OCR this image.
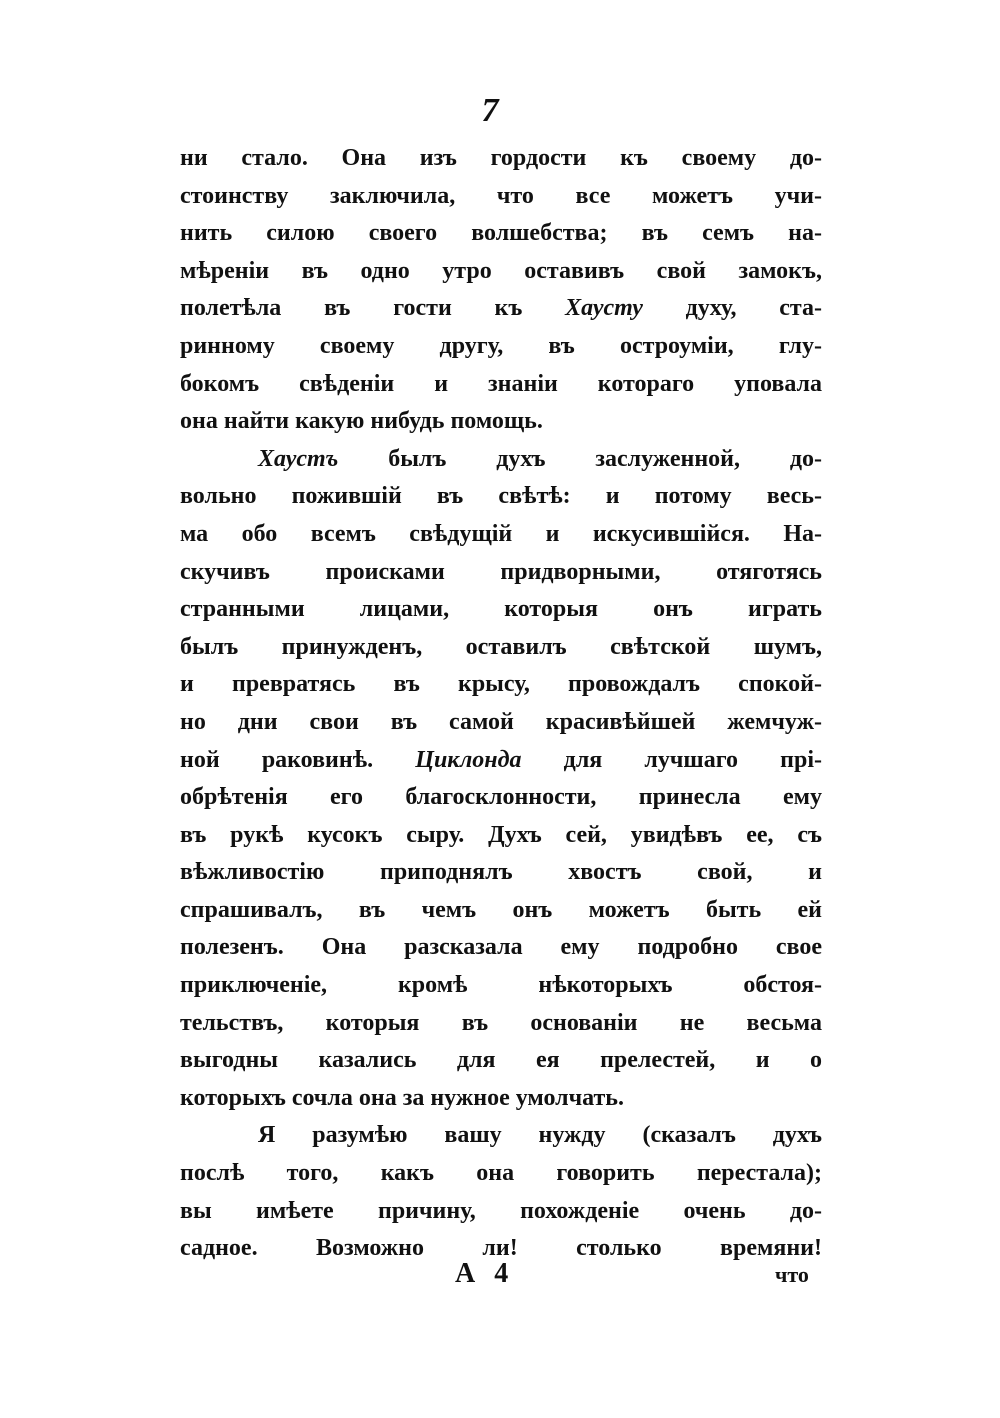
7
ни стало. Она изъ гордости къ своему до-
стоинству заключила, что все можетъ учи-
нить силою своего волшебства; въ семъ на-
мѣреніи въ одно утро оставивъ свой замокъ,
полетѣла въ гости къ Хаусту духу, ста-
ринному своему другу, въ остроуміи, глу-
бокомъ свѣденіи и знаніи котораго уповала
она найти какую нибудь помощь.
Хаустъ былъ духъ заслуженной, до-
вольно пожившій въ свѣтѣ: и потому весь-
ма обо всемъ свѣдущій и искусившійся. На-
скучивъ происками придворными, отяготясь
странными лицами, которыя онъ играть
былъ принужденъ, оставилъ свѣтской шумъ,
и превратясь въ крысу, провождалъ спокой-
но дни свои въ самой красивѣйшей жемчуж-
ной раковинѣ. Циклонда для лучшаго прі-
обрѣтенія его благосклонности, принесла ему
въ рукѣ кусокъ сыру. Духъ сей, увидѣвъ ее, съ
вѣжливостію приподнялъ хвостъ свой, и
спрашивалъ, въ чемъ онъ можетъ быть ей
полезенъ. Она разсказала ему подробно свое
приключеніе, кромѣ нѣкоторыхъ обстоя-
тельствъ, которыя въ основаніи не весьма
выгодны казались для ея прелестей, и о
которыхъ сочла она за нужное умолчать.
Я разумѣю вашу нужду (сказалъ духъ
послѣ того, какъ она говорить перестала);
вы имѣете причину, похожденіе очень до-
садное. Возможно ли! столько времяни!
А 4	что
